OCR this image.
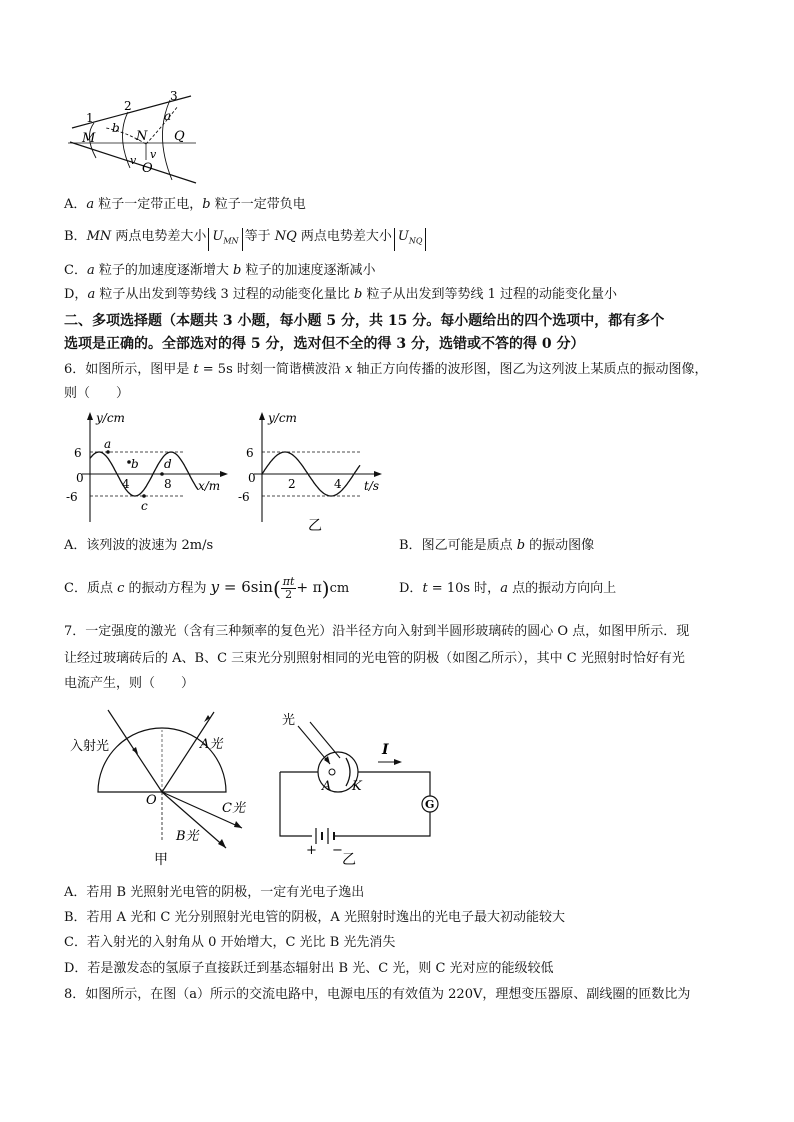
1
2
3
M
b
N
a
Q
v
v
O
A．a 粒子一定带正电，b 粒子一定带负电
B．MN 两点电势差大小 $U_{MN}$ 等于 NQ 两点电势差大小 $U_{NQ}$
C．a 粒子的加速度逐渐增大 b 粒子的加速度逐渐减小
D，a 粒子从出发到等势线 3 过程的动能变化量比 b 粒子从出发到等势线 1 过程的动能变化量小
二、多项选择题（本题共 3 小题，每小题 5 分，共 15 分。每小题给出的四个选项中，都有多个
选项是正确的。全部选对的得 5 分，选对但不全的得 3 分，选错或不答的得 0 分）
6．如图所示，图甲是 t = 5s 时刻一简谐横波沿 x 轴正方向传播的波形图，图乙为这列波上某质点的振动图像，
则（　　）
y/cm
6
0
-6
4	8 x/m
a
b
c
d
y/cm
6
0
-6
2	4 t/s
乙
A．该列波的波速为 2m/s	B．图乙可能是质点 b 的振动图像
C．质点 c 的振动方程为 $y = 6\sin( \frac{\pi t}{2} + \pi)cm$	D．t = 10s 时，a 点的振动方向向上
7．一定强度的激光（含有三种频率的复色光）沿半径方向入射到半圆形玻璃砖的圆心 O 点，如图甲所示．现
让经过玻璃砖后的 A、B、C 三束光分别照射相同的光电管的阴极（如图乙所示），其中 C 光照射时恰好有光
电流产生，则（　　）
入射光	A光
O
C光
B光
甲
光
I
A K
G
+ −
乙
A．若用 B 光照射光电管的阴极，一定有光电子逸出
B．若用 A 光和 C 光分别照射光电管的阴极，A 光照射时逸出的光电子最大初动能较大
C．若入射光的入射角从 0 开始增大，C 光比 B 光先消失
D．若是激发态的氢原子直接跃迁到基态辐射出 B 光、C 光，则 C 光对应的能级较低
8．如图所示，在图（a）所示的交流电路中，电源电压的有效值为 220V，理想变压器原、副线圈的匝数比为
